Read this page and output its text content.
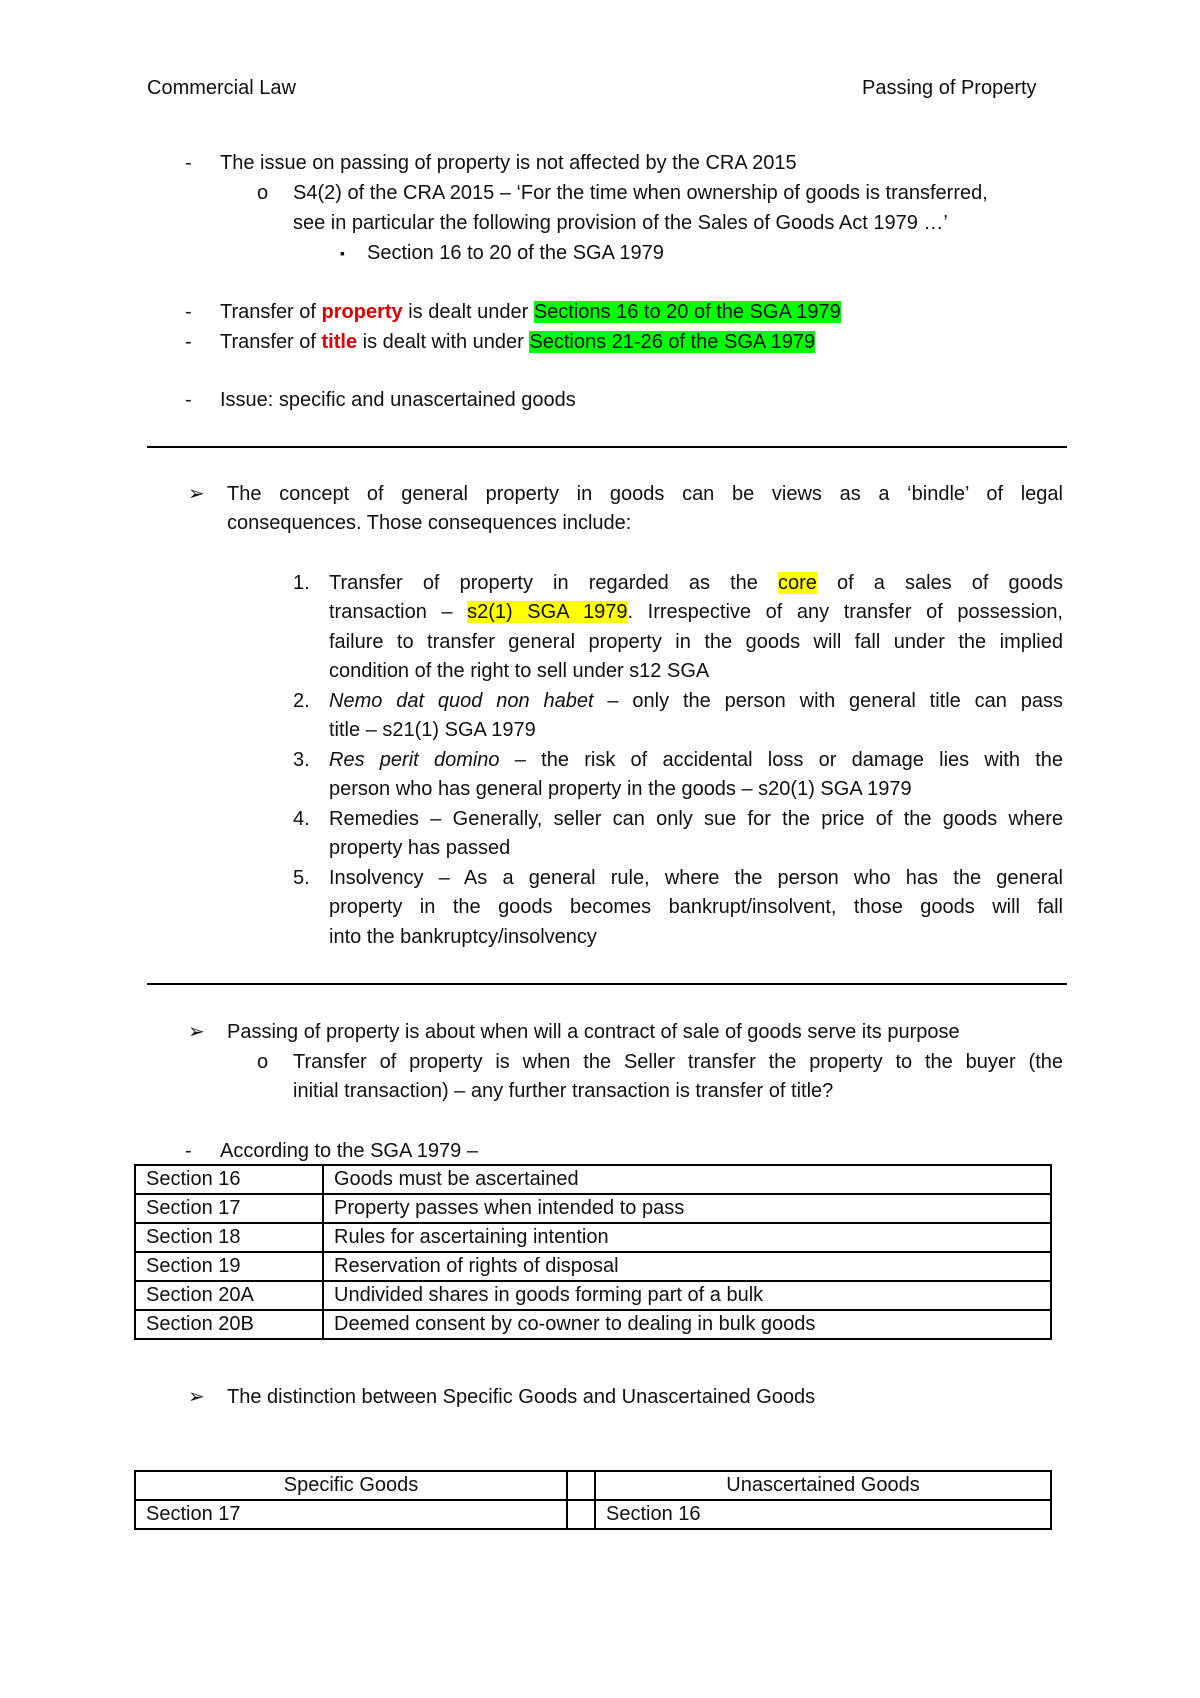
Commercial Law	Passing of Property
- The issue on passing of property is not affected by the CRA 2015
o S4(2) of the CRA 2015 – ‘For the time when ownership of goods is transferred,
see in particular the following provision of the Sales of Goods Act 1979 …’
▪ Section 16 to 20 of the SGA 1979
- Transfer of property is dealt under Sections 16 to 20 of the SGA 1979
- Transfer of title is dealt with under Sections 21-26 of the SGA 1979
- Issue: specific and unascertained goods
➢ The concept of general property in goods can be views as a ‘bindle’ of legal
consequences. Those consequences include:
1. Transfer of property in regarded as the core of a sales of goods
transaction – s2(1) SGA 1979. Irrespective of any transfer of possession,
failure to transfer general property in the goods will fall under the implied
condition of the right to sell under s12 SGA
2. Nemo dat quod non habet – only the person with general title can pass
title – s21(1) SGA 1979
3. Res perit domino – the risk of accidental loss or damage lies with the
person who has general property in the goods – s20(1) SGA 1979
4. Remedies – Generally, seller can only sue for the price of the goods where
property has passed
5. Insolvency – As a general rule, where the person who has the general
property in the goods becomes bankrupt/insolvent, those goods will fall
into the bankruptcy/insolvency
➢ Passing of property is about when will a contract of sale of goods serve its purpose
o Transfer of property is when the Seller transfer the property to the buyer (the
initial transaction) – any further transaction is transfer of title?
- According to the SGA 1979 –
Section 16	Goods must be ascertained
Section 17	Property passes when intended to pass
Section 18	Rules for ascertaining intention
Section 19	Reservation of rights of disposal
Section 20A	Undivided shares in goods forming part of a bulk
Section 20B	Deemed consent by co-owner to dealing in bulk goods
➢ The distinction between Specific Goods and Unascertained Goods
Specific Goods		Unascertained Goods
Section 17		Section 16
